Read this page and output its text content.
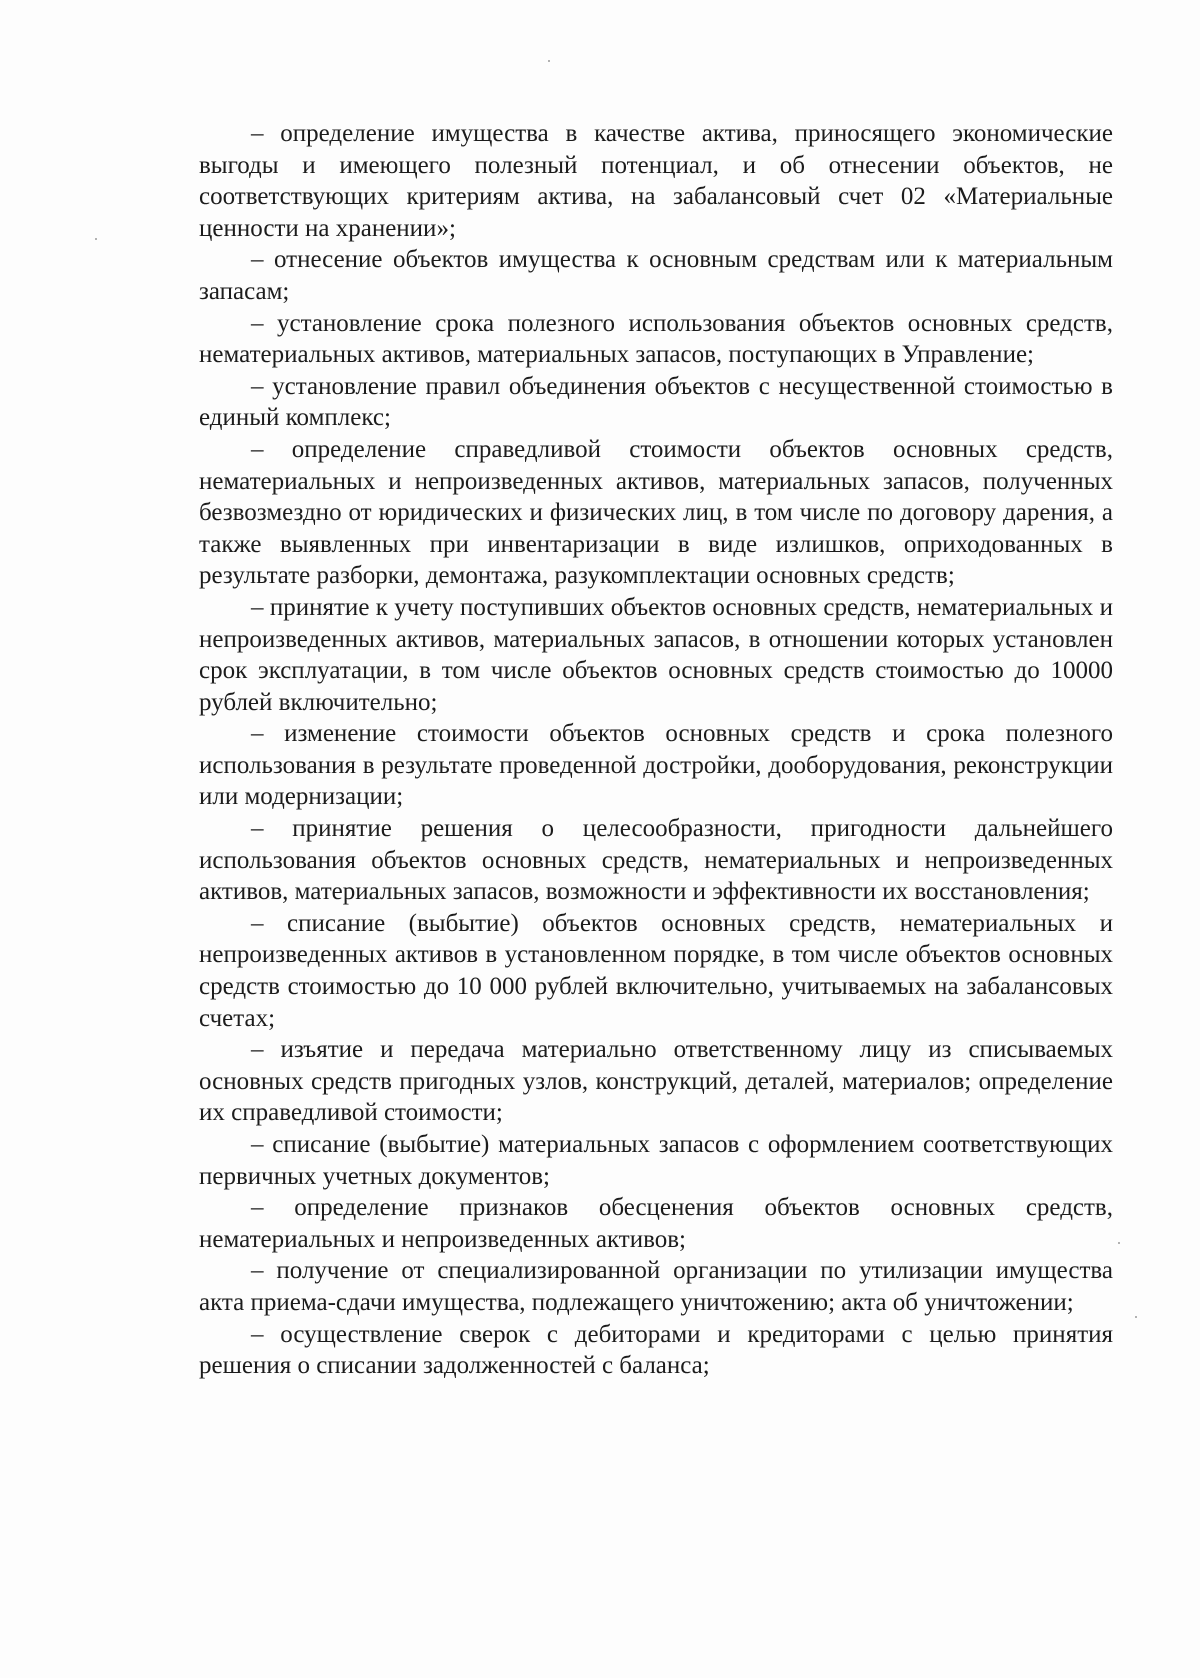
– определение имущества в качестве актива, приносящего экономические выгоды и имеющего полезный потенциал, и об отнесении объектов, не соответствующих критериям актива, на забалансовый счет 02 «Материальные ценности на хранении»;

– отнесение объектов имущества к основным средствам или к материальным запасам;

– установление срока полезного использования объектов основных средств, нематериальных активов, материальных запасов, поступающих в Управление;

– установление правил объединения объектов с несущественной стоимостью в единый комплекс;

– определение справедливой стоимости объектов основных средств, нематериальных и непроизведенных активов, материальных запасов, полученных безвозмездно от юридических и физических лиц, в том числе по договору дарения, а также выявленных при инвентаризации в виде излишков, оприходованных в результате разборки, демонтажа, разукомплектации основных средств;

– принятие к учету поступивших объектов основных средств, нематериальных и непроизведенных активов, материальных запасов, в отношении которых установлен срок эксплуатации, в том числе объектов основных средств стоимостью до 10000 рублей включительно;

– изменение стоимости объектов основных средств и срока полезного использования в результате проведенной достройки, дооборудования, реконструкции или модернизации;

– принятие решения о целесообразности, пригодности дальнейшего использования объектов основных средств, нематериальных и непроизведенных активов, материальных запасов, возможности и эффективности их восстановления;

– списание (выбытие) объектов основных средств, нематериальных и непроизведенных активов в установленном порядке, в том числе объектов основных средств стоимостью до 10 000 рублей включительно, учитываемых на забалансовых счетах;

– изъятие и передача материально ответственному лицу из списываемых основных средств пригодных узлов, конструкций, деталей, материалов; определение их справедливой стоимости;

– списание (выбытие) материальных запасов с оформлением соответствующих первичных учетных документов;

– определение признаков обесценения объектов основных средств, нематериальных и непроизведенных активов;

– получение от специализированной организации по утилизации имущества акта приема-сдачи имущества, подлежащего уничтожению; акта об уничтожении;

– осуществление сверок с дебиторами и кредиторами с целью принятия решения о списании задолженностей с баланса;
